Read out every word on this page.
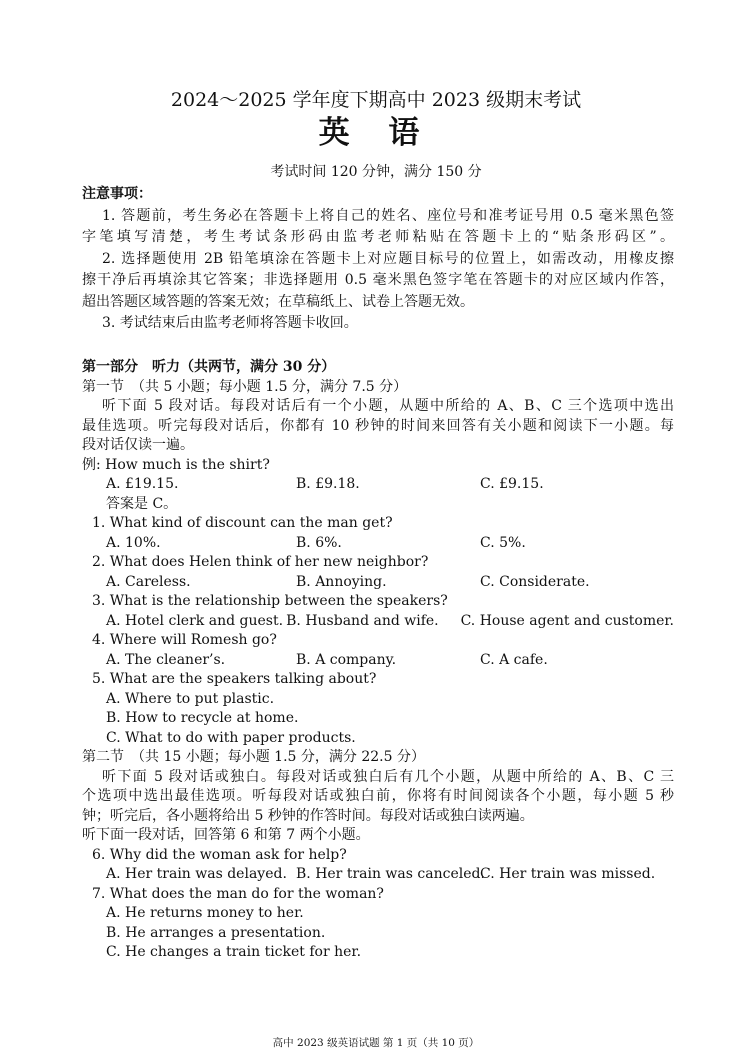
2024～2025 学年度下期高中 2023 级期末考试
英 语
考试时间 120 分钟，满分 150 分
注意事项：
1. 答题前，考生务必在答题卡上将自己的姓名、座位号和准考证号用 0.5 毫米黑色签
字笔填写清楚，考生考试条形码由监考老师粘贴在答题卡上的“贴条形码区”。
2. 选择题使用 2B 铅笔填涂在答题卡上对应题目标号的位置上，如需改动，用橡皮擦
擦干净后再填涂其它答案；非选择题用 0.5 毫米黑色签字笔在答题卡的对应区域内作答，
超出答题区域答题的答案无效；在草稿纸上、试卷上答题无效。
3. 考试结束后由监考老师将答题卡收回。
第一部分　听力（共两节，满分 30 分）
第一节　（共 5 小题；每小题 1.5 分，满分 7.5 分）
听下面 5 段对话。每段对话后有一个小题，从题中所给的 A、B、C 三个选项中选出
最佳选项。听完每段对话后，你都有 10 秒钟的时间来回答有关小题和阅读下一小题。每
段对话仅读一遍。
例: How much is the shirt?
A. £19.15.	B. £9.18.	C. £9.15.
答案是 C。
1. What kind of discount can the man get?
A. 10%.	B. 6%.	C. 5%.
2. What does Helen think of her new neighbor?
A. Careless.	B. Annoying.	C. Considerate.
3. What is the relationship between the speakers?
A. Hotel clerk and guest. B. Husband and wife.	C. House agent and customer.
4. Where will Romesh go?
A. The cleaner’s.	B. A company.	C. A cafe.
5. What are the speakers talking about?
A. Where to put plastic.
B. How to recycle at home.
C. What to do with paper products.
第二节　（共 15 小题；每小题 1.5 分，满分 22.5 分）
听下面 5 段对话或独白。每段对话或独白后有几个小题，从题中所给的 A、B、C 三
个选项中选出最佳选项。听每段对话或独白前，你将有时间阅读各个小题，每小题 5 秒
钟；听完后，各小题将给出 5 秒钟的作答时间。每段对话或独白读两遍。
听下面一段对话，回答第 6 和第 7 两个小题。
6. Why did the woman ask for help?
A. Her train was delayed. B. Her train was canceled.
C. Her train was missed.
7. What does the man do for the woman?
A. He returns money to her.
B. He arranges a presentation.
C. He changes a train ticket for her.
高中 2023 级英语试题 第 1 页（共 10 页）
